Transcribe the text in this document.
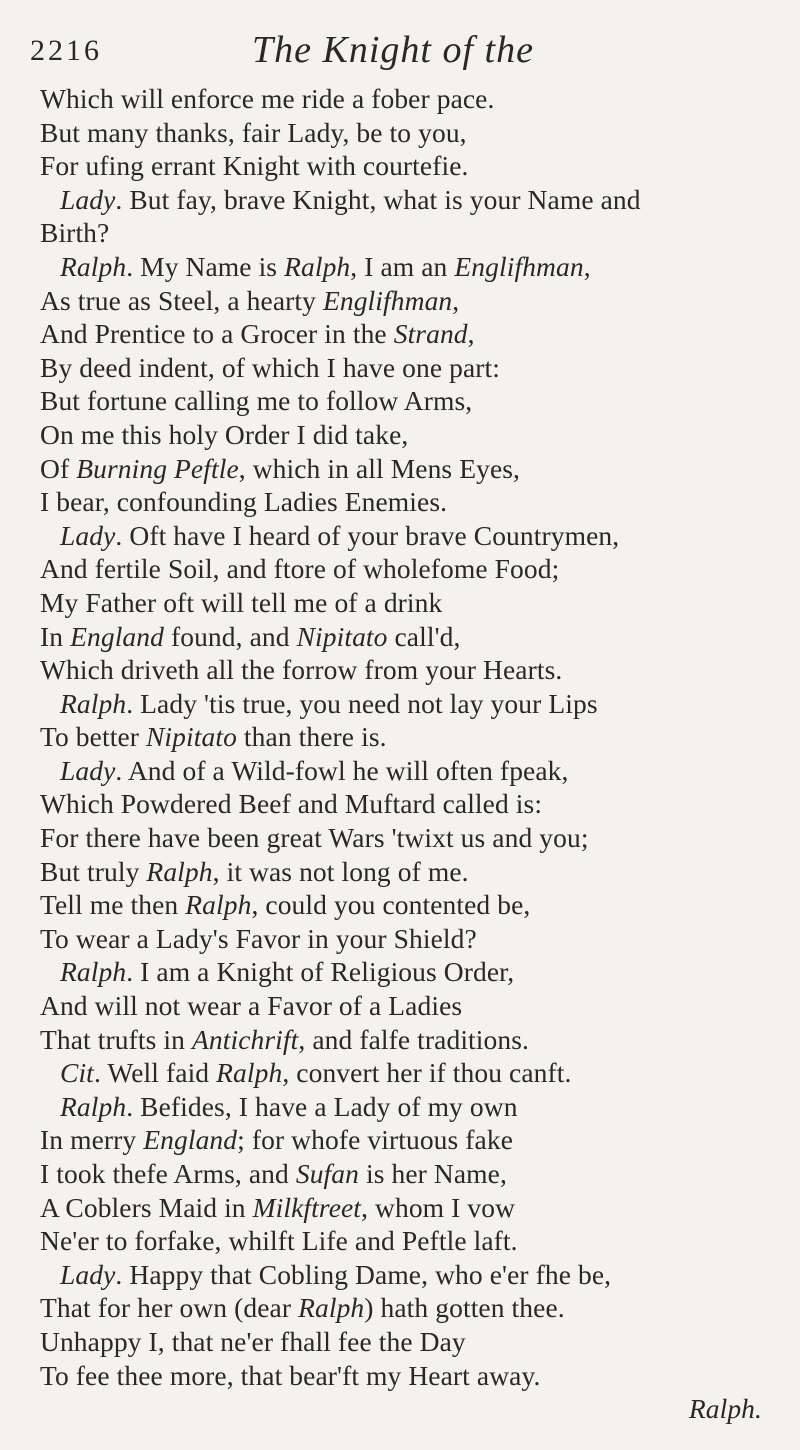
2216	The Knight of the
Which will enforce me ride a fober pace.
But many thanks, fair Lady, be to you,
For ufing errant Knight with courtefie.
Lady. But fay, brave Knight, what is your Name and
Birth?
Ralph. My Name is Ralph, I am an Englifhman,
As true as Steel, a hearty Englifhman,
And Prentice to a Grocer in the Strand,
By deed indent, of which I have one part:
But fortune calling me to follow Arms,
On me this holy Order I did take,
Of Burning Peftle, which in all Mens Eyes,
I bear, confounding Ladies Enemies.
Lady. Oft have I heard of your brave Countrymen,
And fertile Soil, and ftore of wholefome Food;
My Father oft will tell me of a drink
In England found, and Nipitato call'd,
Which driveth all the forrow from your Hearts.
Ralph. Lady 'tis true, you need not lay your Lips
To better Nipitato than there is.
Lady. And of a Wild-fowl he will often fpeak,
Which Powdered Beef and Muftard called is:
For there have been great Wars 'twixt us and you;
But truly Ralph, it was not long of me.
Tell me then Ralph, could you contented be,
To wear a Lady's Favor in your Shield?
Ralph. I am a Knight of Religious Order,
And will not wear a Favor of a Ladies
That trufts in Antichrift, and falfe traditions.
Cit. Well faid Ralph, convert her if thou canft.
Ralph. Befides, I have a Lady of my own
In merry England; for whofe virtuous fake
I took thefe Arms, and Sufan is her Name,
A Coblers Maid in Milkftreet, whom I vow
Ne'er to forfake, whilft Life and Peftle laft.
Lady. Happy that Cobling Dame, who e'er fhe be,
That for her own (dear Ralph) hath gotten thee.
Unhappy I, that ne'er fhall fee the Day
To fee thee more, that bear'ft my Heart away.
Ralph.
